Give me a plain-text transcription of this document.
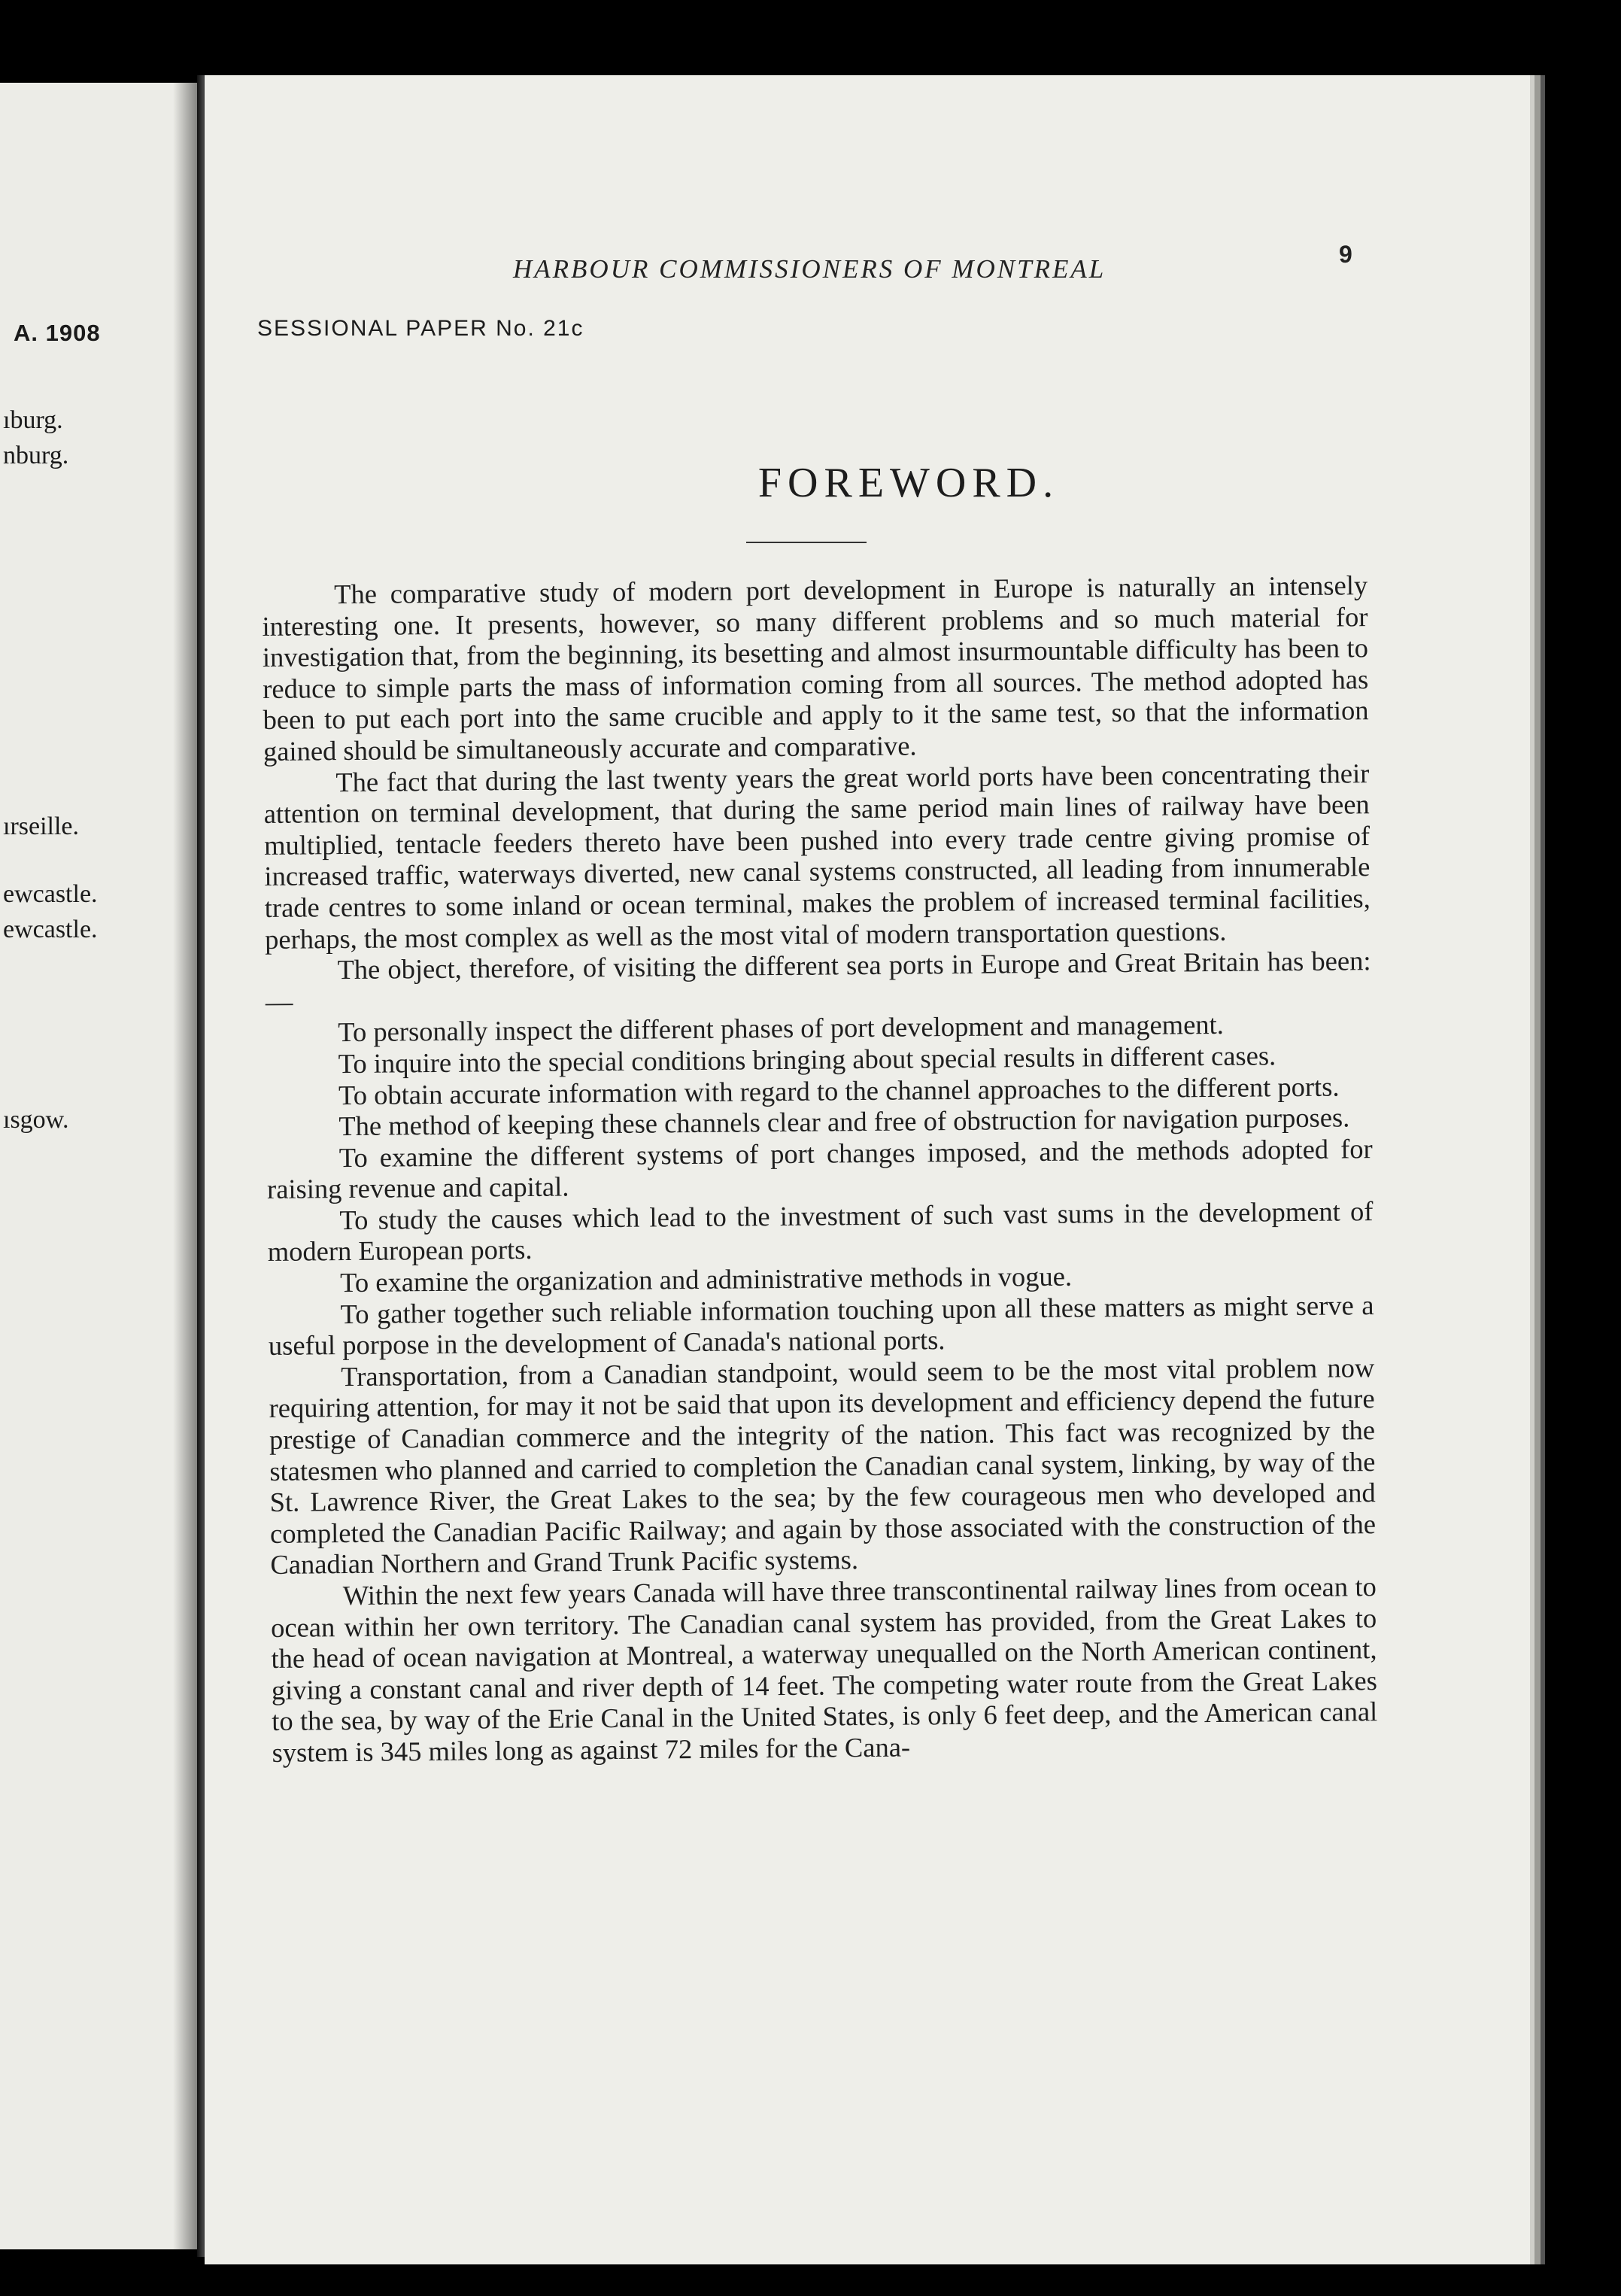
A. 1908
ıburg.
nburg.
ırseille.
ewcastle.
ewcastle.
ısgow.
HARBOUR COMMISSIONERS OF MONTREAL	9
SESSIONAL PAPER No. 21c
FOREWORD.

The comparative study of modern port development in Europe is naturally an intensely interesting one. It presents, however, so many different problems and so much material for investigation that, from the beginning, its besetting and almost insurmountable difficulty has been to reduce to simple parts the mass of information coming from all sources. The method adopted has been to put each port into the same crucible and apply to it the same test, so that the information gained should be simultaneously accurate and comparative.

The fact that during the last twenty years the great world ports have been concentrating their attention on terminal development, that during the same period main lines of railway have been multiplied, tentacle feeders thereto have been pushed into every trade centre giving promise of increased traffic, waterways diverted, new canal systems constructed, all leading from innumerable trade centres to some inland or ocean terminal, makes the problem of increased terminal facilities, perhaps, the most complex as well as the most vital of modern transportation questions.

The object, therefore, of visiting the different sea ports in Europe and Great Britain has been:—

To personally inspect the different phases of port development and management.

To inquire into the special conditions bringing about special results in different cases.

To obtain accurate information with regard to the channel approaches to the different ports.

The method of keeping these channels clear and free of obstruction for navigation purposes.

To examine the different systems of port changes imposed, and the methods adopted for raising revenue and capital.

To study the causes which lead to the investment of such vast sums in the development of modern European ports.

To examine the organization and administrative methods in vogue.

To gather together such reliable information touching upon all these matters as might serve a useful porpose in the development of Canada's national ports.

Transportation, from a Canadian standpoint, would seem to be the most vital problem now requiring attention, for may it not be said that upon its development and efficiency depend the future prestige of Canadian commerce and the integrity of the nation. This fact was recognized by the statesmen who planned and carried to completion the Canadian canal system, linking, by way of the St. Lawrence River, the Great Lakes to the sea; by the few courageous men who developed and completed the Canadian Pacific Railway; and again by those associated with the construction of the Canadian Northern and Grand Trunk Pacific systems.

Within the next few years Canada will have three transcontinental railway lines from ocean to ocean within her own territory. The Canadian canal system has provided, from the Great Lakes to the head of ocean navigation at Montreal, a waterway unequalled on the North American continent, giving a constant canal and river depth of 14 feet. The competing water route from the Great Lakes to the sea, by way of the Erie Canal in the United States, is only 6 feet deep, and the American canal system is 345 miles long as against 72 miles for the Cana-
